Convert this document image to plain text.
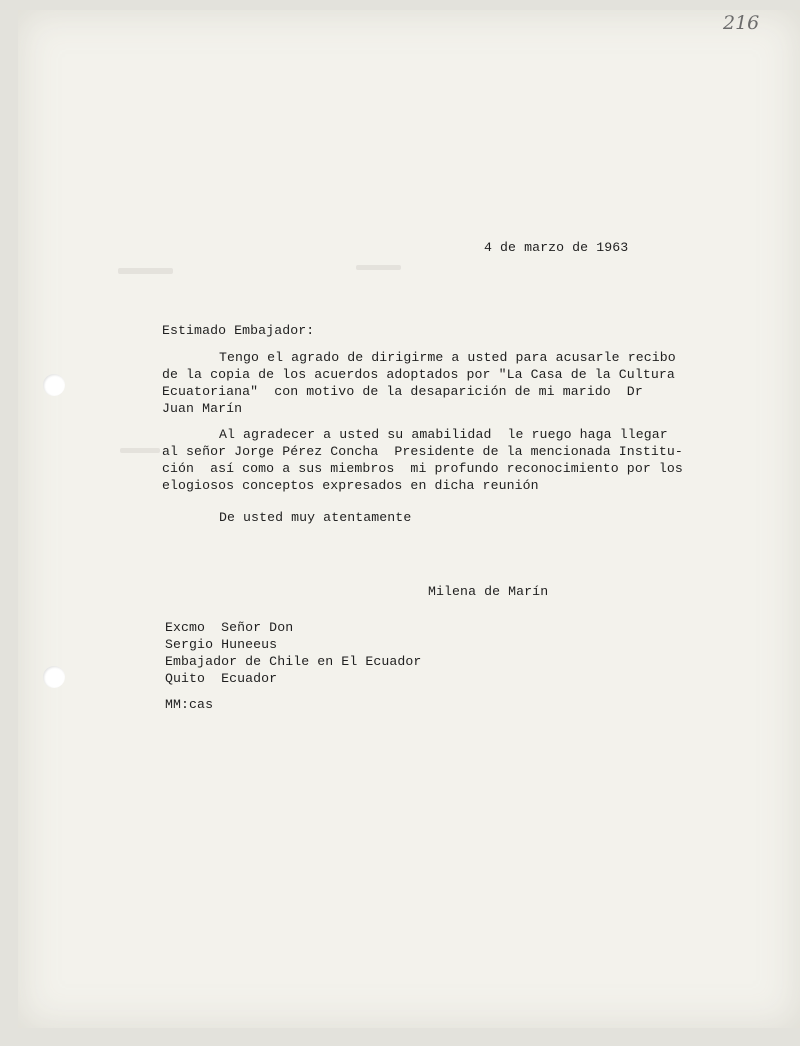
216
4 de marzo de 1963
Estimado Embajador:
Tengo el agrado de dirigirme a usted para acusarle recibo
de la copia de los acuerdos adoptados por "La Casa de la Cultura
Ecuatoriana"  con motivo de la desaparición de mi marido  Dr
Juan Marín
Al agradecer a usted su amabilidad  le ruego haga llegar
al señor Jorge Pérez Concha  Presidente de la mencionada Institu-
ción  así como a sus miembros  mi profundo reconocimiento por los
elogiosos conceptos expresados en dicha reunión
De usted muy atentamente
Milena de Marín
Excmo  Señor Don
Sergio Huneeus
Embajador de Chile en El Ecuador
Quito  Ecuador
MM:cas
